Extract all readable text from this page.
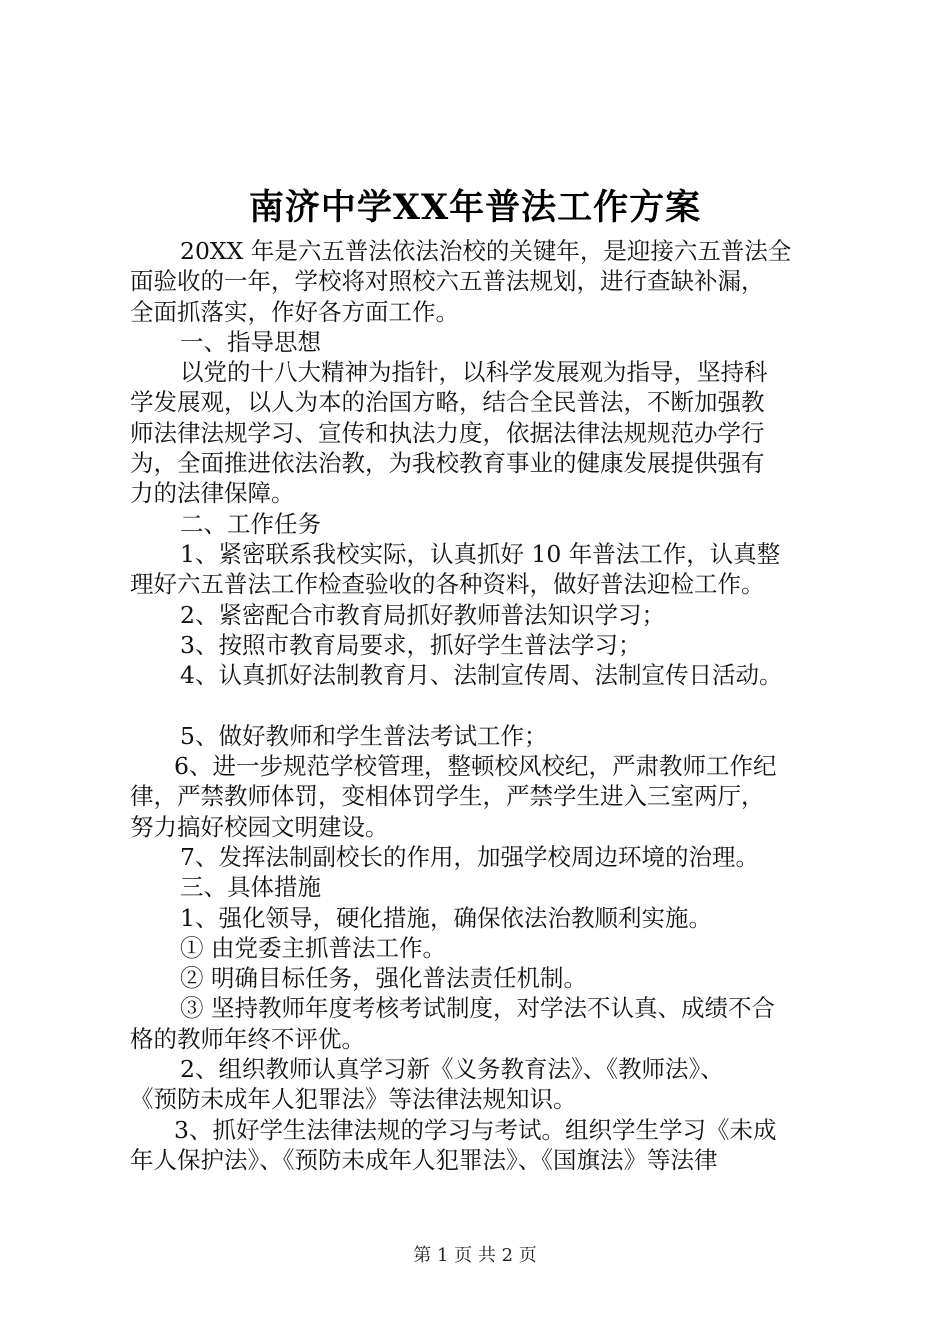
南济中学XX年普法工作方案
20XX 年是六五普法依法治校的关键年，是迎接六五普法全
面验收的一年，学校将对照校六五普法规划，进行查缺补漏，
全面抓落实，作好各方面工作。
一、指导思想
以党的十八大精神为指针，以科学发展观为指导，坚持科
学发展观，以人为本的治国方略，结合全民普法，不断加强教
师法律法规学习、宣传和执法力度，依据法律法规规范办学行
为，全面推进依法治教，为我校教育事业的健康发展提供强有
力的法律保障。
二、工作任务
1、紧密联系我校实际，认真抓好 10 年普法工作，认真整
理好六五普法工作检查验收的各种资料，做好普法迎检工作。
2、紧密配合市教育局抓好教师普法知识学习；
3、按照市教育局要求，抓好学生普法学习；
4、认真抓好法制教育月、法制宣传周、法制宣传日活动。
5、做好教师和学生普法考试工作；
6、进一步规范学校管理，整顿校风校纪，严肃教师工作纪
律，严禁教师体罚，变相体罚学生，严禁学生进入三室两厅，
努力搞好校园文明建设。
7、发挥法制副校长的作用，加强学校周边环境的治理。
三、具体措施
1、强化领导，硬化措施，确保依法治教顺利实施。
① 由党委主抓普法工作。
② 明确目标任务，强化普法责任机制。
③ 坚持教师年度考核考试制度，对学法不认真、成绩不合
格的教师年终不评优。
2、组织教师认真学习新《义务教育法》、《教师法》、
《预防未成年人犯罪法》等法律法规知识。
3、抓好学生法律法规的学习与考试。组织学生学习《未成
年人保护法》、《预防未成年人犯罪法》、《国旗法》等法律
第 1 页 共 2 页
